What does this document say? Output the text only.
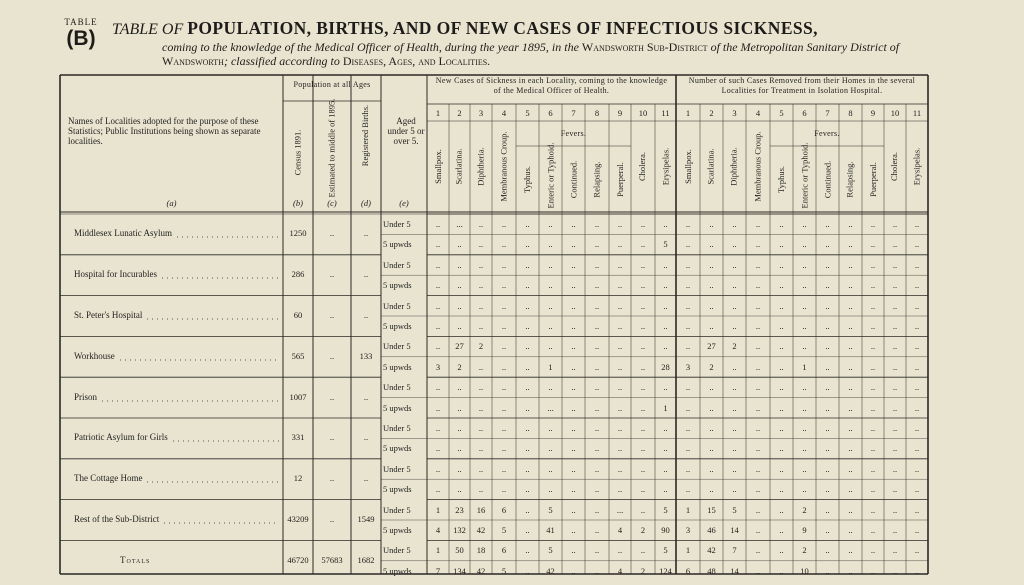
TABLE
(B)	TABLE OF POPULATION, BIRTHS, AND OF NEW CASES OF INFECTIOUS SICKNESS,
coming to the knowledge of the Medical Officer of Health, during the year 1895, in the Wandsworth Sub-District of the Metropolitan Sanitary District of Wandsworth; classified according to Diseases, Ages, and Localities.
Names of Localities adopted for the purpose of these Statistics; Public Institutions being shown as separate localities.
Population at all Ages	New Cases of Sickness in each Locality, coming to the knowledge of the Medical Officer of Health.
Number of such Cases Removed from their Homes in the several Localities for Treatment in Isolation Hospital.
Census 1891.	Estimated to middle of 1895.	Registered Births.	Aged under 5 or over 5.
(a)	(b)	(c)	(d)	(e)
1
Smallpox.
2
Scarlatina.
3
Diphtheria.
4
Membranous Croup.
5
Typhus.
6
Enteric or Typhoid.
7
Continued.
8
Relapsing.
9
Puerperal.
10
Cholera.
11
Erysipelas.
Fevers.
1
Smallpox.
2
Scarlatina.
3
Diphtheria.
4
Membranous Croup.
5
Typhus.
6
Enteric or Typhoid.
7
Continued.
8
Relapsing.
9
Puerperal.
10
Cholera.
11
Erysipelas.
Fevers.
Middlesex Lunatic Asylum	1250	..	..
Under 5	..	...	..	..	..	..	..	..	..	..	..	..	..	..	..	..	..	..	..	..	..	..
5 upwds	..	..	..	..	..	..	..	..	..	..	5	..	..	..	..	..	..	..	..	..	..	..
Hospital for Incurables	286	..	..
Under 5	..	..	..	..	..	..	..	..	..	..	..	..	..	..	..	..	..	..	..	..	..	..
5 upwds	..	..	..	..	..	..	..	..	..	..	..	..	..	..	..	..	..	..	..	..	..	..
St. Peter's Hospital	60	..	..
Under 5	..	..	..	..	..	..	..	..	..	..	..	..	..	..	..	..	..	..	..	..	..	..
5 upwds	..	..	..	..	..	..	..	..	..	..	..	..	..	..	..	..	..	..	..	..	..	..
Workhouse	565	..	133
Under 5	..	27	2	..	..	..	..	..	..	..	..	..	27	2	..	..	..	..	..	..	..	..
5 upwds	3	2	..	..	..	1	..	..	..	..	28	3	2	..	..	..	1	..	..	..	..	..
Prison	1007	..	..
Under 5	..	..	..	..	..	..	..	..	..	..	..	..	..	..	..	..	..	..	..	..	..	..
5 upwds	..	..	..	..	..	...	..	..	..	..	1	..	..	..	..	..	..	..	..	..	..	..
Patriotic Asylum for Girls	331	..	..
Under 5	..	..	..	..	..	..	..	..	..	..	..	..	..	..	..	..	..	..	..	..	..	..
5 upwds	..	..	..	..	..	..	..	..	..	..	..	..	..	..	..	..	..	..	..	..	..	..
The Cottage Home	12	..	..
Under 5	..	..	..	..	..	..	..	..	..	..	..	..	..	..	..	..	..	..	..	..	..	..
5 upwds	..	..	..	..	..	..	..	..	..	..	..	..	..	..	..	..	..	..	..	..	..	..
Rest of the Sub-District	43209	..	1549
Under 5	1	23	16	6	..	5	..	..	...	..	5	1	15	5	..	..	2	..	..	..	..	..
5 upwds	4	132	42	5	..	41	..	..	4	2	90	3	46	14	..	..	9	..	..	..	..	..
Totals	46720	57683	1682
Under 5	1	50	18	6	..	5	..	..	..	..	5	1	42	7	..	..	2	..	..	..	..	..
5 upwds	7	134	42	5	..	42	..	..	4	2	124	6	48	14	..	..	10	..	..	..	..	..
